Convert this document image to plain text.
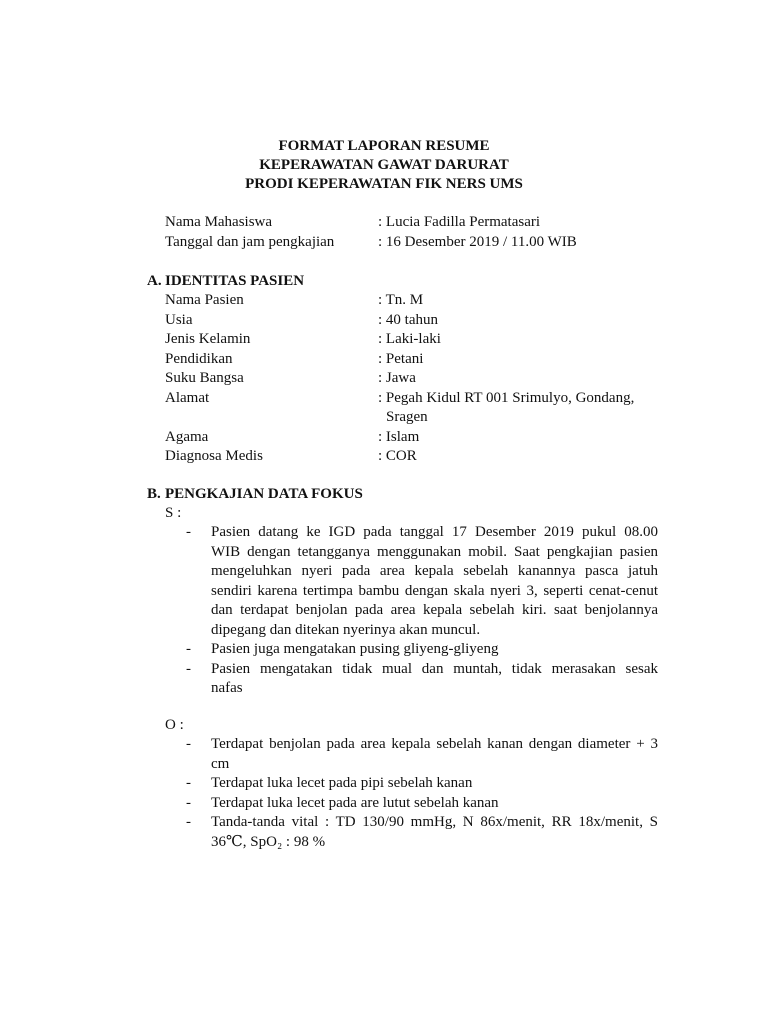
FORMAT LAPORAN RESUME
KEPERAWATAN GAWAT DARURAT
PRODI KEPERAWATAN FIK NERS UMS
Nama Mahasiswa	: Lucia Fadilla Permatasari
Tanggal dan jam pengkajian	: 16 Desember 2019 / 11.00 WIB
A. IDENTITAS PASIEN
Nama Pasien	: Tn. M
Usia	: 40 tahun
Jenis Kelamin	: Laki-laki
Pendidikan	: Petani
Suku Bangsa	: Jawa
Alamat	: Pegah Kidul RT 001 Srimulyo, Gondang,
Sragen
Agama	: Islam
Diagnosa Medis	: COR
B. PENGKAJIAN DATA FOKUS
S :
- Pasien datang ke IGD pada tanggal 17 Desember 2019 pukul 08.00
WIB dengan tetangganya menggunakan mobil. Saat pengkajian pasien
mengeluhkan nyeri pada area kepala sebelah kanannya pasca jatuh
sendiri karena tertimpa bambu dengan skala nyeri 3, seperti cenat-cenut
dan terdapat benjolan pada area kepala sebelah kiri. saat benjolannya
dipegang dan ditekan nyerinya akan muncul.
- Pasien juga mengatakan pusing gliyeng-gliyeng
- Pasien mengatakan tidak mual dan muntah, tidak merasakan sesak
nafas
O :
- Terdapat benjolan pada area kepala sebelah kanan dengan diameter + 3
cm
- Terdapat luka lecet pada pipi sebelah kanan
- Terdapat luka lecet pada are lutut sebelah kanan
- Tanda-tanda vital : TD 130/90 mmHg, N 86x/menit, RR 18x/menit, S
36℃, SpO₂ : 98 %
